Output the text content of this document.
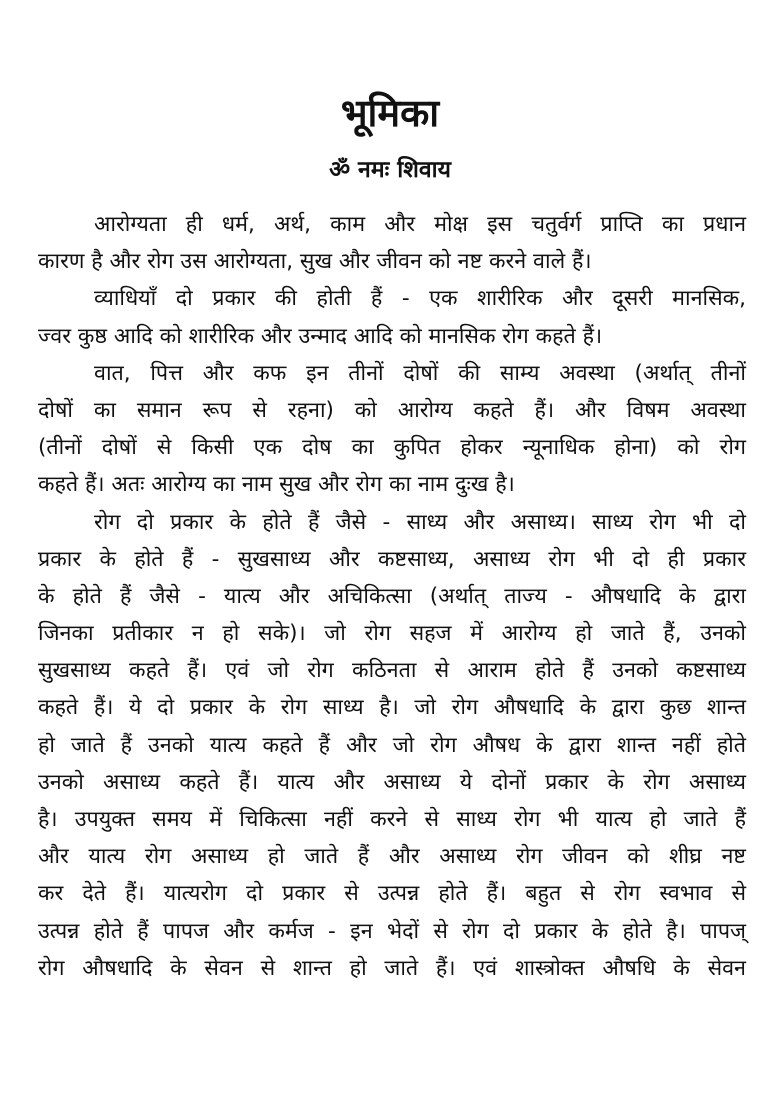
भूमिका
ॐ नमः शिवाय
आरोग्यता ही धर्म, अर्थ, काम और मोक्ष इस चतुर्वर्ग प्राप्ति का प्रधान
कारण है और रोग उस आरोग्यता, सुख और जीवन को नष्ट करने वाले हैं।
व्याधियाँ दो प्रकार की होती हैं - एक शारीरिक और दूसरी मानसिक,
ज्वर कुष्ठ आदि को शारीरिक और उन्माद आदि को मानसिक रोग कहते हैं।
वात, पित्त और कफ इन तीनों दोषों की साम्य अवस्था (अर्थात् तीनों
दोषों का समान रूप से रहना) को आरोग्य कहते हैं। और विषम अवस्था
(तीनों दोषों से किसी एक दोष का कुपित होकर न्यूनाधिक होना) को रोग
कहते हैं। अतः आरोग्य का नाम सुख और रोग का नाम दुःख है।
रोग दो प्रकार के होते हैं जैसे - साध्य और असाध्य। साध्य रोग भी दो
प्रकार के होते हैं - सुखसाध्य और कष्टसाध्य, असाध्य रोग भी दो ही प्रकार
के होते हैं जैसे - यात्य और अचिकित्सा (अर्थात् ताज्य - औषधादि के द्वारा
जिनका प्रतीकार न हो सके)। जो रोग सहज में आरोग्य हो जाते हैं, उनको
सुखसाध्य कहते हैं। एवं जो रोग कठिनता से आराम होते हैं उनको कष्टसाध्य
कहते हैं। ये दो प्रकार के रोग साध्य है। जो रोग औषधादि के द्वारा कुछ शान्त
हो जाते हैं उनको यात्य कहते हैं और जो रोग औषध के द्वारा शान्त नहीं होते
उनको असाध्य कहते हैं। यात्य और असाध्य ये दोनों प्रकार के रोग असाध्य
है। उपयुक्त समय में चिकित्सा नहीं करने से साध्य रोग भी यात्य हो जाते हैं
और यात्य रोग असाध्य हो जाते हैं और असाध्य रोग जीवन को शीघ्र नष्ट
कर देते हैं। यात्यरोग दो प्रकार से उत्पन्न होते हैं। बहुत से रोग स्वभाव से
उत्पन्न होते हैं पापज और कर्मज - इन भेदों से रोग दो प्रकार के होते है। पापज्
रोग औषधादि के सेवन से शान्त हो जाते हैं। एवं शास्त्रोक्त औषधि के सेवन
